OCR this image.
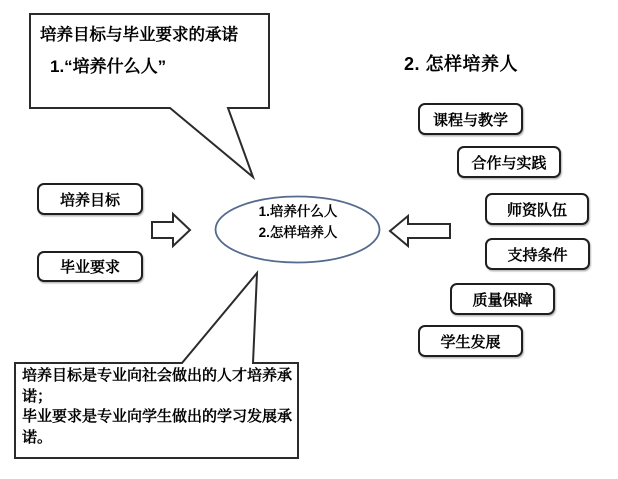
培养目标与毕业要求的承诺
1.“培养什么人”	2. 怎样培养人
培养目标
毕业要求
课程与教学
合作与实践
师资队伍
支持条件
质量保障
学生发展
1.培养什么人
2.怎样培养人
培养目标是专业向社会做出的人才培养承
诺；
毕业要求是专业向学生做出的学习发展承
诺。
